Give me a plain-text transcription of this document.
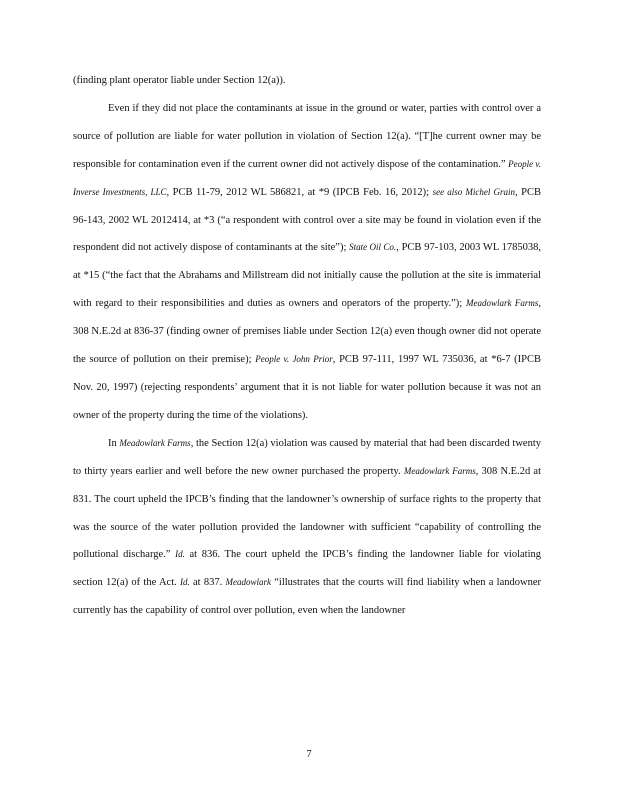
(finding plant operator liable under Section 12(a)).

Even if they did not place the contaminants at issue in the ground or water, parties with control over a source of pollution are liable for water pollution in violation of Section 12(a). “[T]he current owner may be responsible for contamination even if the current owner did not actively dispose of the contamination.” People v. Inverse Investments, LLC, PCB 11-79, 2012 WL 586821, at *9 (IPCB Feb. 16, 2012); see also Michel Grain, PCB 96-143, 2002 WL 2012414, at *3 (“a respondent with control over a site may be found in violation even if the respondent did not actively dispose of contaminants at the site”); State Oil Co., PCB 97-103, 2003 WL 1785038, at *15 (“the fact that the Abrahams and Millstream did not initially cause the pollution at the site is immaterial with regard to their responsibilities and duties as owners and operators of the property.”); Meadowlark Farms, 308 N.E.2d at 836-37 (finding owner of premises liable under Section 12(a) even though owner did not operate the source of pollution on their premise); People v. John Prior, PCB 97-111, 1997 WL 735036, at *6-7 (IPCB Nov. 20, 1997) (rejecting respondents’ argument that it is not liable for water pollution because it was not an owner of the property during the time of the violations).

In Meadowlark Farms, the Section 12(a) violation was caused by material that had been discarded twenty to thirty years earlier and well before the new owner purchased the property. Meadowlark Farms, 308 N.E.2d at 831. The court upheld the IPCB’s finding that the landowner’s ownership of surface rights to the property that was the source of the water pollution provided the landowner with sufficient “capability of controlling the pollutional discharge.” Id. at 836. The court upheld the IPCB’s finding the landowner liable for violating section 12(a) of the Act. Id. at 837. Meadowlark “illustrates that the courts will find liability when a landowner currently has the capability of control over pollution, even when the landowner

7
